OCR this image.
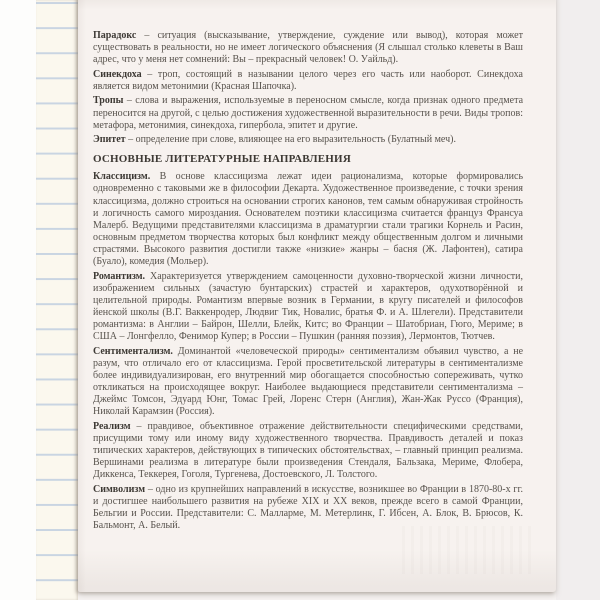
Парадокс – ситуация (высказывание, утверждение, суждение или вывод), которая может существовать в реальности, но не имеет логического объяснения (Я слышал столько клеветы в Ваш адрес, что у меня нет сомнений: Вы – прекрасный человек! О. Уайльд).

Синекдоха – троп, состоящий в назывании целого через его часть или наоборот. Синекдоха является видом метонимии (Красная Шапочка).

Тропы – слова и выражения, используемые в переносном смысле, когда признак одного предмета переносится на другой, с целью достижения художественной выразительности в речи. Виды тропов: метафора, метонимия, синекдоха, гипербола, эпитет и другие.

Эпитет – определение при слове, влияющее на его выразительность (Булатный меч).

ОСНОВНЫЕ ЛИТЕРАТУРНЫЕ НАПРАВЛЕНИЯ

Классицизм. В основе классицизма лежат идеи рационализма, которые формировались одновременно с таковыми же в философии Декарта. Художественное произведение, с точки зрения классицизма, должно строиться на основании строгих канонов, тем самым обнаруживая стройность и логичность самого мироздания. Основателем поэтики классицизма считается француз Франсуа Малерб. Ведущими представителями классицизма в драматургии стали трагики Корнель и Расин, основным предметом творчества которых был конфликт между общественным долгом и личными страстями. Высокого развития достигли также «низкие» жанры – басня (Ж. Лафонтен), сатира (Буало), комедия (Мольер).

Романтизм. Характеризуется утверждением самоценности духовно-творческой жизни личности, изображением сильных (зачастую бунтарских) страстей и характеров, одухотворённой и целительной природы. Романтизм впервые возник в Германии, в кругу писателей и философов йенской школы (В.Г. Ваккенродер, Людвиг Тик, Новалис, братья Ф. и А. Шлегели). Представители романтизма: в Англии – Байрон, Шелли, Блейк, Китс; во Франции – Шатобриан, Гюго, Мериме; в США – Лонгфелло, Фенимор Купер; в России – Пушкин (ранняя поэзия), Лермонтов, Тютчев.

Сентиментализм. Доминантой «человеческой природы» сентиментализм объявил чувство, а не разум, что отличало его от классицизма. Герой просветительской литературы в сентиментализме более индивидуализирован, его внутренний мир обогащается способностью сопереживать, чутко откликаться на происходящее вокруг. Наиболее выдающиеся представители сентиментализма – Джеймс Томсон, Эдуард Юнг, Томас Грей, Лоренс Стерн (Англия), Жан-Жак Руссо (Франция), Николай Карамзин (Россия).

Реализм – правдивое, объективное отражение действительности специфическими средствами, присущими тому или иному виду художественного творчества. Правдивость деталей и показ типических характеров, действующих в типических обстоятельствах, – главный принцип реализма. Вершинами реализма в литературе были произведения Стендаля, Бальзака, Мериме, Флобера, Диккенса, Теккерея, Гоголя, Тургенева, Достоевского, Л. Толстого.

Символизм – одно из крупнейших направлений в искусстве, возникшее во Франции в 1870-80-х гг. и достигшее наибольшего развития на рубеже XIX и XX веков, прежде всего в самой Франции, Бельгии и России. Представители: С. Малларме, М. Метерлинк, Г. Ибсен, А. Блок, В. Брюсов, К. Бальмонт, А. Белый.
